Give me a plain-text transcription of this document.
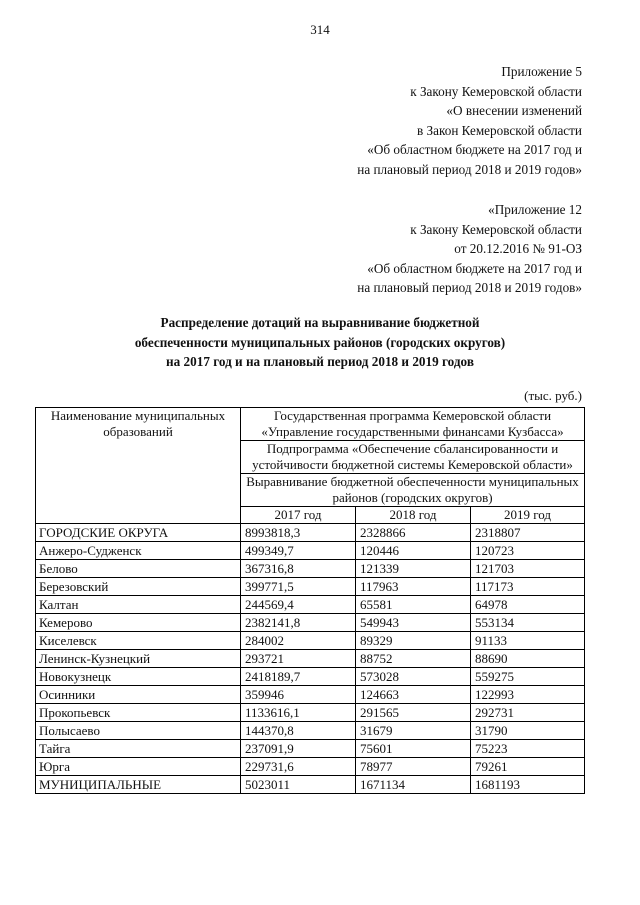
314
Приложение 5
к Закону Кемеровской области
«О внесении изменений
в Закон Кемеровской области
«Об областном бюджете на 2017 год и
на плановый период 2018 и 2019 годов»
«Приложение 12
к Закону Кемеровской области
от 20.12.2016 № 91-ОЗ
«Об областном бюджете на 2017 год и
на плановый период 2018 и 2019 годов»
Распределение дотаций на выравнивание бюджетной
обеспеченности муниципальных районов (городских округов)
на 2017 год и на плановый период 2018 и 2019 годов
(тыс. руб.)
Наименование муниципальных образований	Государственная программа Кемеровской области «Управление государственными финансами Кузбасса»		
	Подпрограмма «Обеспечение сбалансированности и устойчивости бюджетной системы Кемеровской области»		
	Выравнивание бюджетной обеспеченности муниципальных районов (городских округов)		
	2017 год	2018 год	2019 год
ГОРОДСКИЕ ОКРУГА	8993818,3	2328866	2318807
Анжеро-Судженск	499349,7	120446	120723
Белово	367316,8	121339	121703
Березовский	399771,5	117963	117173
Калтан	244569,4	65581	64978
Кемерово	2382141,8	549943	553134
Киселевск	284002	89329	91133
Ленинск-Кузнецкий	293721	88752	88690
Новокузнецк	2418189,7	573028	559275
Осинники	359946	124663	122993
Прокопьевск	1133616,1	291565	292731
Полысаево	144370,8	31679	31790
Тайга	237091,9	75601	75223
Юрга	229731,6	78977	79261
МУНИЦИПАЛЬНЫЕ	5023011	1671134	1681193
